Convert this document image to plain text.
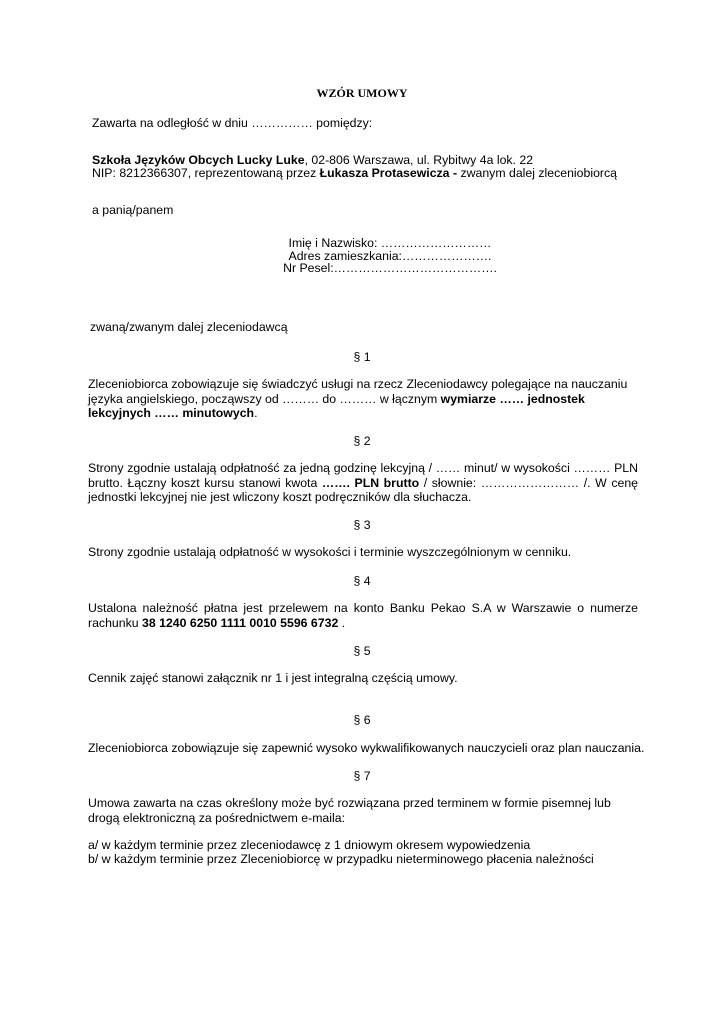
WZÓR UMOWY
Zawarta na odległość w dniu …………… pomiędzy:
Szkoła Języków Obcych Lucky Luke, 02-806 Warszawa, ul. Rybitwy 4a lok. 22
NIP: 8212366307, reprezentowaną przez Łukasza Protasewicza - zwanym dalej zleceniobiorcą
a panią/panem
Imię i Nazwisko: ………………………
Adres zamieszkania:………………….
Nr Pesel:………………………………….
zwaną/zwanym dalej zleceniodawcą
§ 1
Zleceniobiorca zobowiązuje się świadczyć usługi na rzecz Zleceniodawcy polegające na nauczaniu języka angielskiego, począwszy od ……… do ……… w łącznym wymiarze …… jednostek lekcyjnych …… minutowych.
§ 2
Strony zgodnie ustalają odpłatność za jedną godzinę lekcyjną / …… minut/ w wysokości ……… PLN brutto. Łączny koszt kursu stanowi kwota ……. PLN brutto / słownie: …………………… /. W cenę jednostki lekcyjnej nie jest wliczony koszt podręczników dla słuchacza.
§ 3
Strony zgodnie ustalają odpłatność w wysokości i terminie wyszczególnionym w cenniku.
§ 4
Ustalona należność płatna jest przelewem na konto Banku Pekao S.A w Warszawie o numerze rachunku 38 1240 6250 1111 0010 5596 6732 .
§ 5
Cennik zajęć stanowi załącznik nr 1 i jest integralną częścią umowy.
§ 6
Zleceniobiorca zobowiązuje się zapewnić wysoko wykwalifikowanych nauczycieli oraz plan nauczania.
§ 7
Umowa zawarta na czas określony może być rozwiązana przed terminem w formie pisemnej lub drogą elektroniczną za pośrednictwem e-maila:
a/ w każdym terminie przez zleceniodawcę z 1 dniowym okresem wypowiedzenia
b/ w każdym terminie przez Zleceniobiorcę w przypadku nieterminowego płacenia należności
